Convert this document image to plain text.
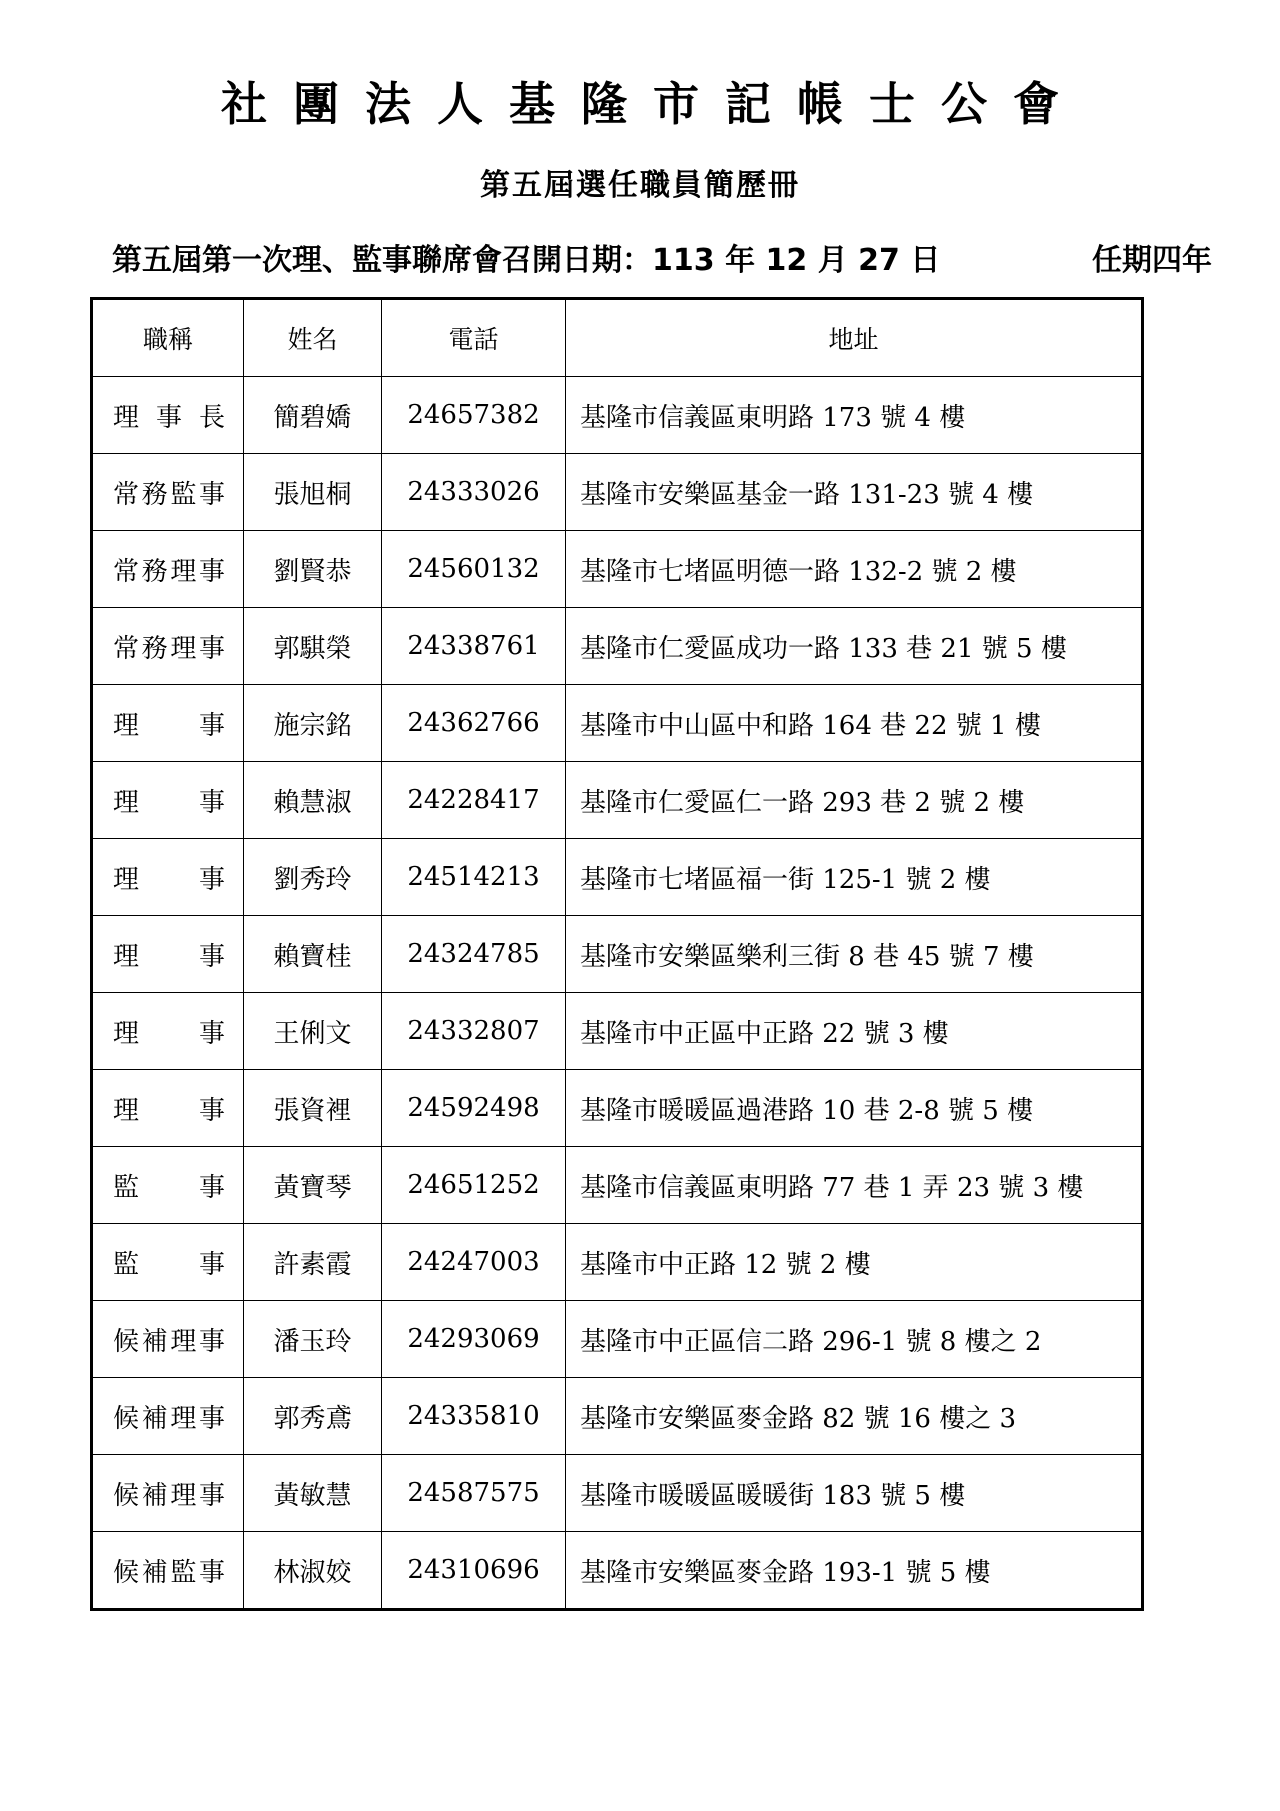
社團法人基隆市記帳士公會
第五屆選任職員簡歷冊
第五屆第一次理、監事聯席會召開日期：113 年 12 月 27 日	任期四年
職稱	姓名	電話	地址
理事長	簡碧嬌	24657382	基隆市信義區東明路 173 號 4 樓
常務監事	張旭桐	24333026	基隆市安樂區基金一路 131-23 號 4 樓
常務理事	劉賢恭	24560132	基隆市七堵區明德一路 132-2 號 2 樓
常務理事	郭騏榮	24338761	基隆市仁愛區成功一路 133 巷 21 號 5 樓
理事	施宗銘	24362766	基隆市中山區中和路 164 巷 22 號 1 樓
理事	賴慧淑	24228417	基隆市仁愛區仁一路 293 巷 2 號 2 樓
理事	劉秀玲	24514213	基隆市七堵區福一街 125-1 號 2 樓
理事	賴寶桂	24324785	基隆市安樂區樂利三街 8 巷 45 號 7 樓
理事	王俐文	24332807	基隆市中正區中正路 22 號 3 樓
理事	張資裡	24592498	基隆市暖暖區過港路 10 巷 2-8 號 5 樓
監事	黃寶琴	24651252	基隆市信義區東明路 77 巷 1 弄 23 號 3 樓
監事	許素霞	24247003	基隆市中正路 12 號 2 樓
候補理事	潘玉玲	24293069	基隆市中正區信二路 296-1 號 8 樓之 2
候補理事	郭秀鳶	24335810	基隆市安樂區麥金路 82 號 16 樓之 3
候補理事	黃敏慧	24587575	基隆市暖暖區暖暖街 183 號 5 樓
候補監事	林淑姣	24310696	基隆市安樂區麥金路 193-1 號 5 樓
